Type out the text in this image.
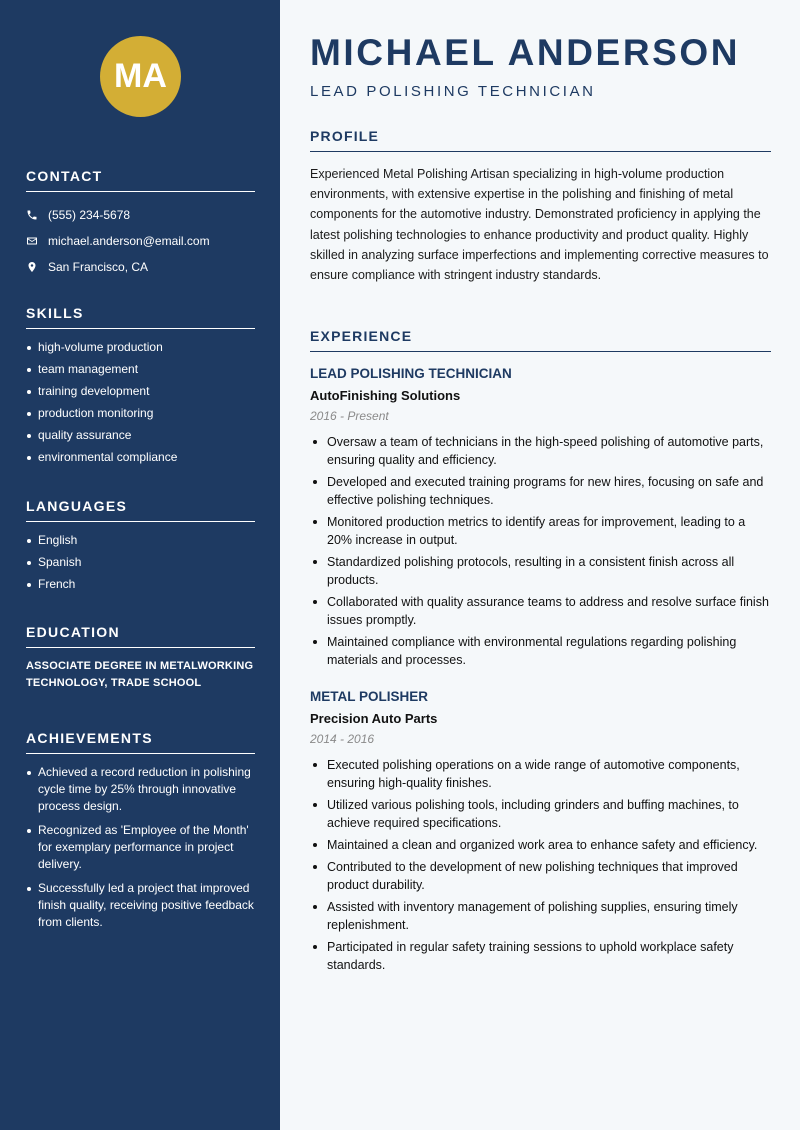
MA
CONTACT
(555) 234-5678
michael.anderson@email.com
San Francisco, CA
SKILLS
high-volume production
team management
training development
production monitoring
quality assurance
environmental compliance
LANGUAGES
English
Spanish
French
EDUCATION
ASSOCIATE DEGREE IN METALWORKING TECHNOLOGY, TRADE SCHOOL
ACHIEVEMENTS
Achieved a record reduction in polishing cycle time by 25% through innovative process design.
Recognized as 'Employee of the Month' for exemplary performance in project delivery.
Successfully led a project that improved finish quality, receiving positive feedback from clients.
MICHAEL ANDERSON
LEAD POLISHING TECHNICIAN
PROFILE
Experienced Metal Polishing Artisan specializing in high-volume production environments, with extensive expertise in the polishing and finishing of metal components for the automotive industry. Demonstrated proficiency in applying the latest polishing technologies to enhance productivity and product quality. Highly skilled in analyzing surface imperfections and implementing corrective measures to ensure compliance with stringent industry standards.
EXPERIENCE
LEAD POLISHING TECHNICIAN
AutoFinishing Solutions
2016 - Present
Oversaw a team of technicians in the high-speed polishing of automotive parts, ensuring quality and efficiency.
Developed and executed training programs for new hires, focusing on safe and effective polishing techniques.
Monitored production metrics to identify areas for improvement, leading to a 20% increase in output.
Standardized polishing protocols, resulting in a consistent finish across all products.
Collaborated with quality assurance teams to address and resolve surface finish issues promptly.
Maintained compliance with environmental regulations regarding polishing materials and processes.
METAL POLISHER
Precision Auto Parts
2014 - 2016
Executed polishing operations on a wide range of automotive components, ensuring high-quality finishes.
Utilized various polishing tools, including grinders and buffing machines, to achieve required specifications.
Maintained a clean and organized work area to enhance safety and efficiency.
Contributed to the development of new polishing techniques that improved product durability.
Assisted with inventory management of polishing supplies, ensuring timely replenishment.
Participated in regular safety training sessions to uphold workplace safety standards.
